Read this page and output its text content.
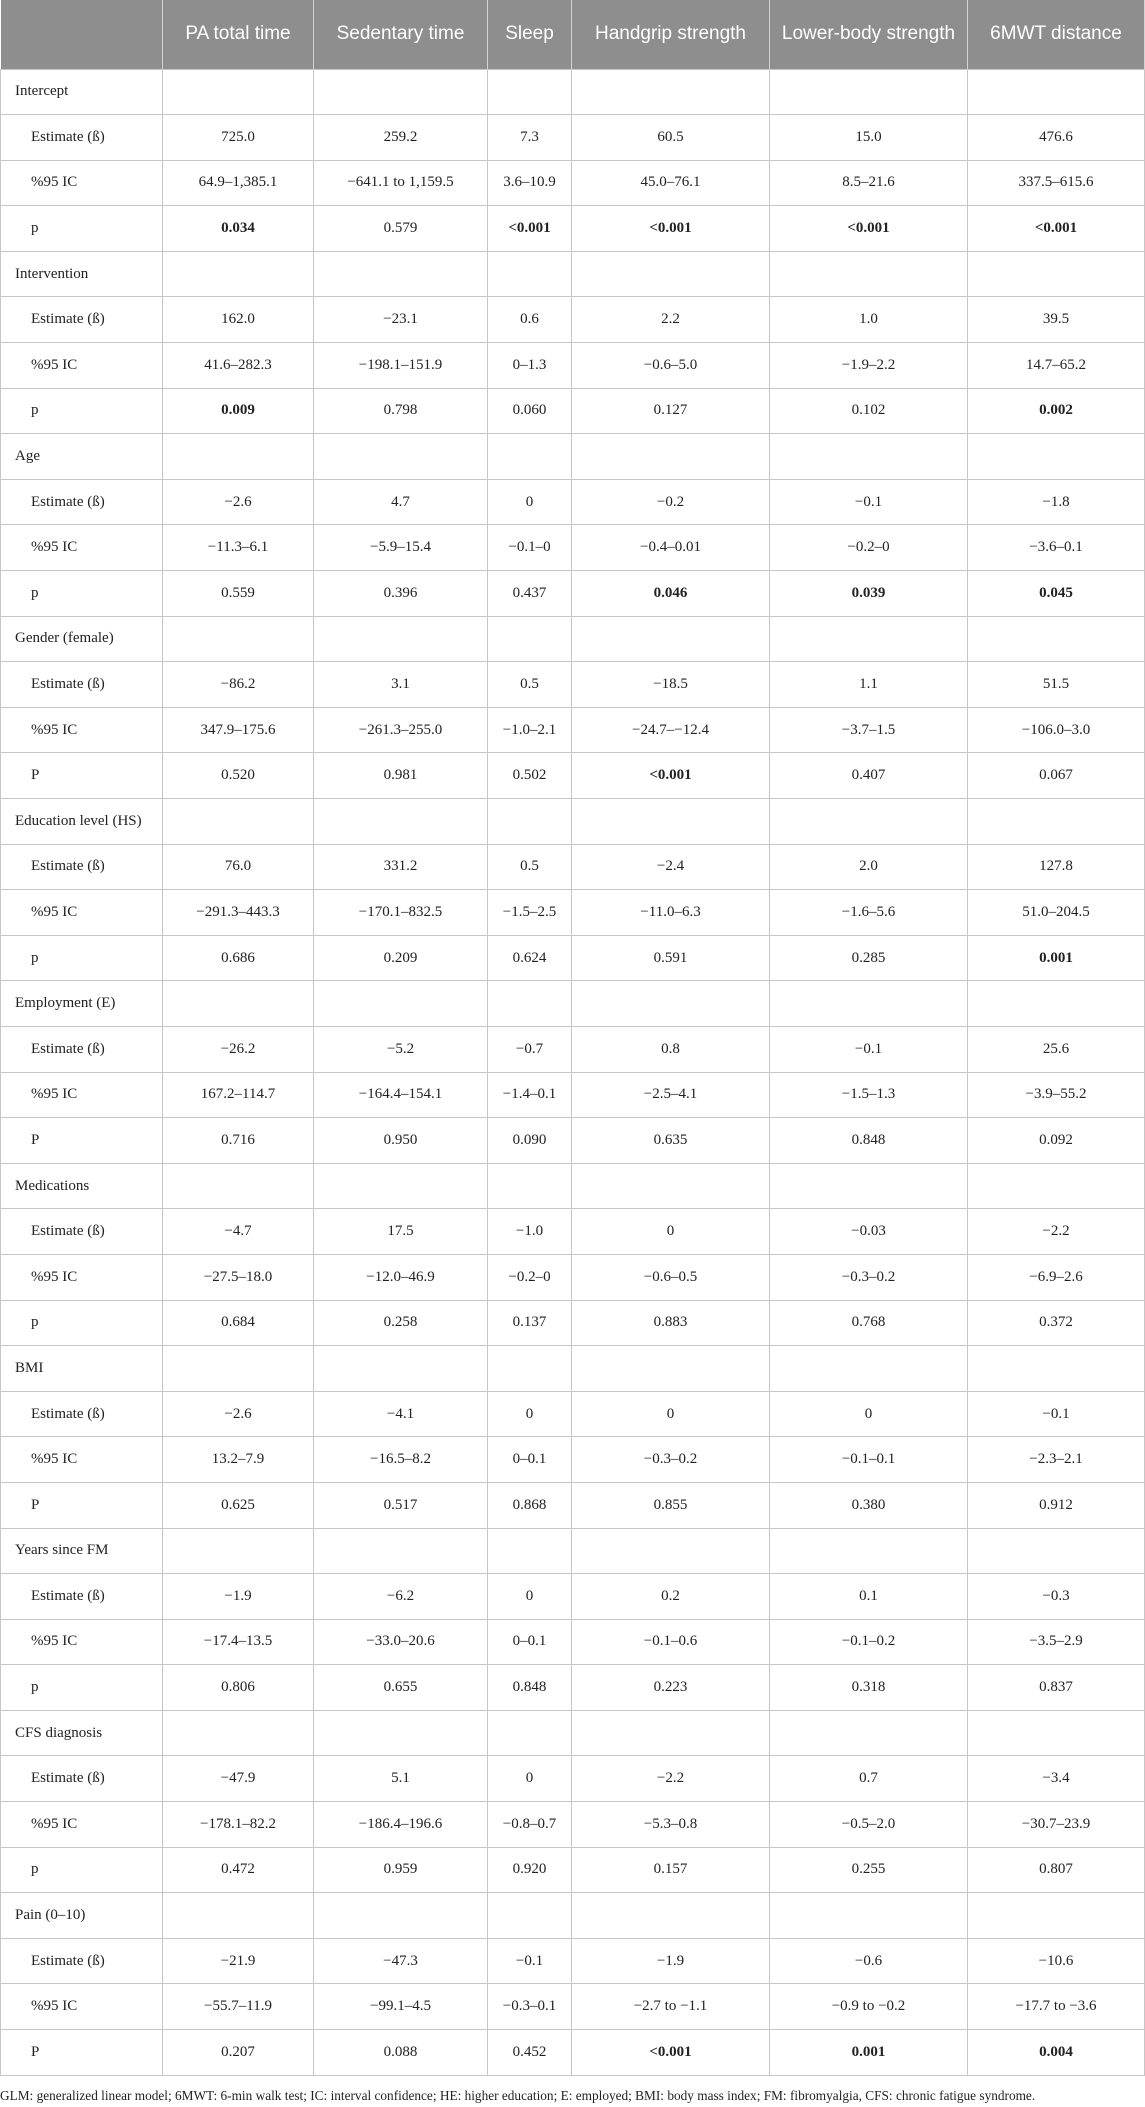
	PA total time	Sedentary time	Sleep	Handgrip strength	Lower-body strength	6MWT distance
Intercept						
Estimate (ß)	725.0	259.2	7.3	60.5	15.0	476.6
%95 IC	64.9–1,385.1	−641.1 to 1,159.5	3.6–10.9	45.0–76.1	8.5–21.6	337.5–615.6
p	0.034	0.579	<0.001	<0.001	<0.001	<0.001
Intervention						
Estimate (ß)	162.0	−23.1	0.6	2.2	1.0	39.5
%95 IC	41.6–282.3	−198.1–151.9	0–1.3	−0.6–5.0	−1.9–2.2	14.7–65.2
p	0.009	0.798	0.060	0.127	0.102	0.002
Age						
Estimate (ß)	−2.6	4.7	0	−0.2	−0.1	−1.8
%95 IC	−11.3–6.1	−5.9–15.4	−0.1–0	−0.4–0.01	−0.2–0	−3.6–0.1
p	0.559	0.396	0.437	0.046	0.039	0.045
Gender (female)						
Estimate (ß)	−86.2	3.1	0.5	−18.5	1.1	51.5
%95 IC	347.9–175.6	−261.3–255.0	−1.0–2.1	−24.7–−12.4	−3.7–1.5	−106.0–3.0
P	0.520	0.981	0.502	<0.001	0.407	0.067
Education level (HS)						
Estimate (ß)	76.0	331.2	0.5	−2.4	2.0	127.8
%95 IC	−291.3–443.3	−170.1–832.5	−1.5–2.5	−11.0–6.3	−1.6–5.6	51.0–204.5
p	0.686	0.209	0.624	0.591	0.285	0.001
Employment (E)						
Estimate (ß)	−26.2	−5.2	−0.7	0.8	−0.1	25.6
%95 IC	167.2–114.7	−164.4–154.1	−1.4–0.1	−2.5–4.1	−1.5–1.3	−3.9–55.2
P	0.716	0.950	0.090	0.635	0.848	0.092
Medications						
Estimate (ß)	−4.7	17.5	−1.0	0	−0.03	−2.2
%95 IC	−27.5–18.0	−12.0–46.9	−0.2–0	−0.6–0.5	−0.3–0.2	−6.9–2.6
p	0.684	0.258	0.137	0.883	0.768	0.372
BMI						
Estimate (ß)	−2.6	−4.1	0	0	0	−0.1
%95 IC	13.2–7.9	−16.5–8.2	0–0.1	−0.3–0.2	−0.1–0.1	−2.3–2.1
P	0.625	0.517	0.868	0.855	0.380	0.912
Years since FM						
Estimate (ß)	−1.9	−6.2	0	0.2	0.1	−0.3
%95 IC	−17.4–13.5	−33.0–20.6	0–0.1	−0.1–0.6	−0.1–0.2	−3.5–2.9
p	0.806	0.655	0.848	0.223	0.318	0.837
CFS diagnosis						
Estimate (ß)	−47.9	5.1	0	−2.2	0.7	−3.4
%95 IC	−178.1–82.2	−186.4–196.6	−0.8–0.7	−5.3–0.8	−0.5–2.0	−30.7–23.9
p	0.472	0.959	0.920	0.157	0.255	0.807
Pain (0–10)						
Estimate (ß)	−21.9	−47.3	−0.1	−1.9	−0.6	−10.6
%95 IC	−55.7–11.9	−99.1–4.5	−0.3–0.1	−2.7 to −1.1	−0.9 to −0.2	−17.7 to −3.6
P	0.207	0.088	0.452	<0.001	0.001	0.004
GLM: generalized linear model; 6MWT: 6-min walk test; IC: interval confidence; HE: higher education; E: employed; BMI: body mass index; FM: fibromyalgia, CFS: chronic fatigue syndrome.
